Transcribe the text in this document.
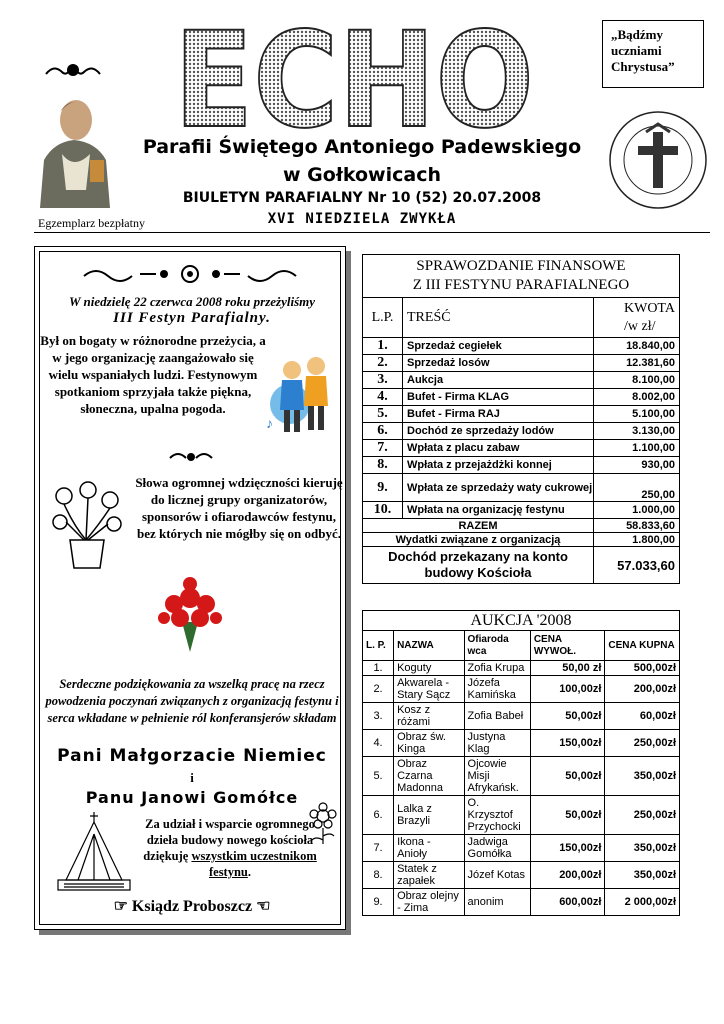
„Bądźmy uczniami Chrystusa”
ECHO
Parafii Świętego Antoniego Padewskiego
w Gołkowicach
BIULETYN PARAFIALNY Nr 10 (52) 20.07.2008
XVI NIEDZIELA ZWYKŁA
Egzemplarz bezpłatny
W niedzielę 22 czerwca 2008 roku przeżyliśmy
III Festyn Parafialny.
Był on bogaty w różnorodne przeżycia, a w jego organizację zaangażowało się wielu wspaniałych ludzi. Festynowym spotkaniom sprzyjała także piękna, słoneczna, upalna pogoda.
♪
Słowa ogromnej wdzięczności kieruję do licznej grupy organizatorów, sponsorów i ofiarodawców festynu, bez których nie mógłby się on odbyć.
Serdeczne podziękowania za wszelką pracę na rzecz powodzenia poczynań związanych z organizacją festynu i serca wkładane w pełnienie ról konferansjerów składam
Pani Małgorzacie Niemiec
i
Panu Janowi Gomółce
Za udział i wsparcie ogromnego dzieła budowy nowego kościoła dziękuję wszystkim uczestnikom festynu.
☞ Ksiądz Proboszcz ☜
SPRAWOZDANIE FINANSOWE
Z III FESTYNU PARAFIALNEGO		

L.P.	TREŚĆ	KWOTA
/w zł/

1.	Sprzedaż cegiełek	18.840,00
2.	Sprzedaż losów	12.381,60
3.	Aukcja	8.100,00
4.	Bufet - Firma KLAG	8.002,00
5.	Bufet - Firma RAJ	5.100,00
6.	Dochód ze sprzedaży lodów	3.130,00
7.	Wpłata z placu zabaw	1.100,00
8.	Wpłata z przejażdżki konnej	930,00
9.	Wpłata ze sprzedaży waty cukrowej	250,00
10.	Wpłata na organizację festynu	1.000,00
RAZEM		58.833,60
Wydatki związane z organizacją		1.800,00
Dochód przekazany na konto budowy Kościoła		57.033,60
AUKCJA '2008				
L. P.	NAZWA	Ofiaroda wca	CENA WYWOŁ.	CENA KUPNA
1.	Koguty	Zofia Krupa	50,00 zł	500,00zł
2.	Akwarela - Stary Sącz	Józefa Kamińska	100,00zł	200,00zł
3.	Kosz z różami	Zofia Babeł	50,00zł	60,00zł
4.	Obraz św. Kinga	Justyna Klag	150,00zł	250,00zł
5.	Obraz Czarna Madonna	Ojcowie Misji Afrykańsk.	50,00zł	350,00zł
6.	Lalka z Brazyli	O. Krzysztof Przychocki	50,00zł	250,00zł
7.	Ikona - Anioły	Jadwiga Gomółka	150,00zł	350,00zł
8.	Statek z zapałek	Józef Kotas	200,00zł	350,00zł
9.	Obraz olejny - Zima	anonim	600,00zł	2 000,00zł
